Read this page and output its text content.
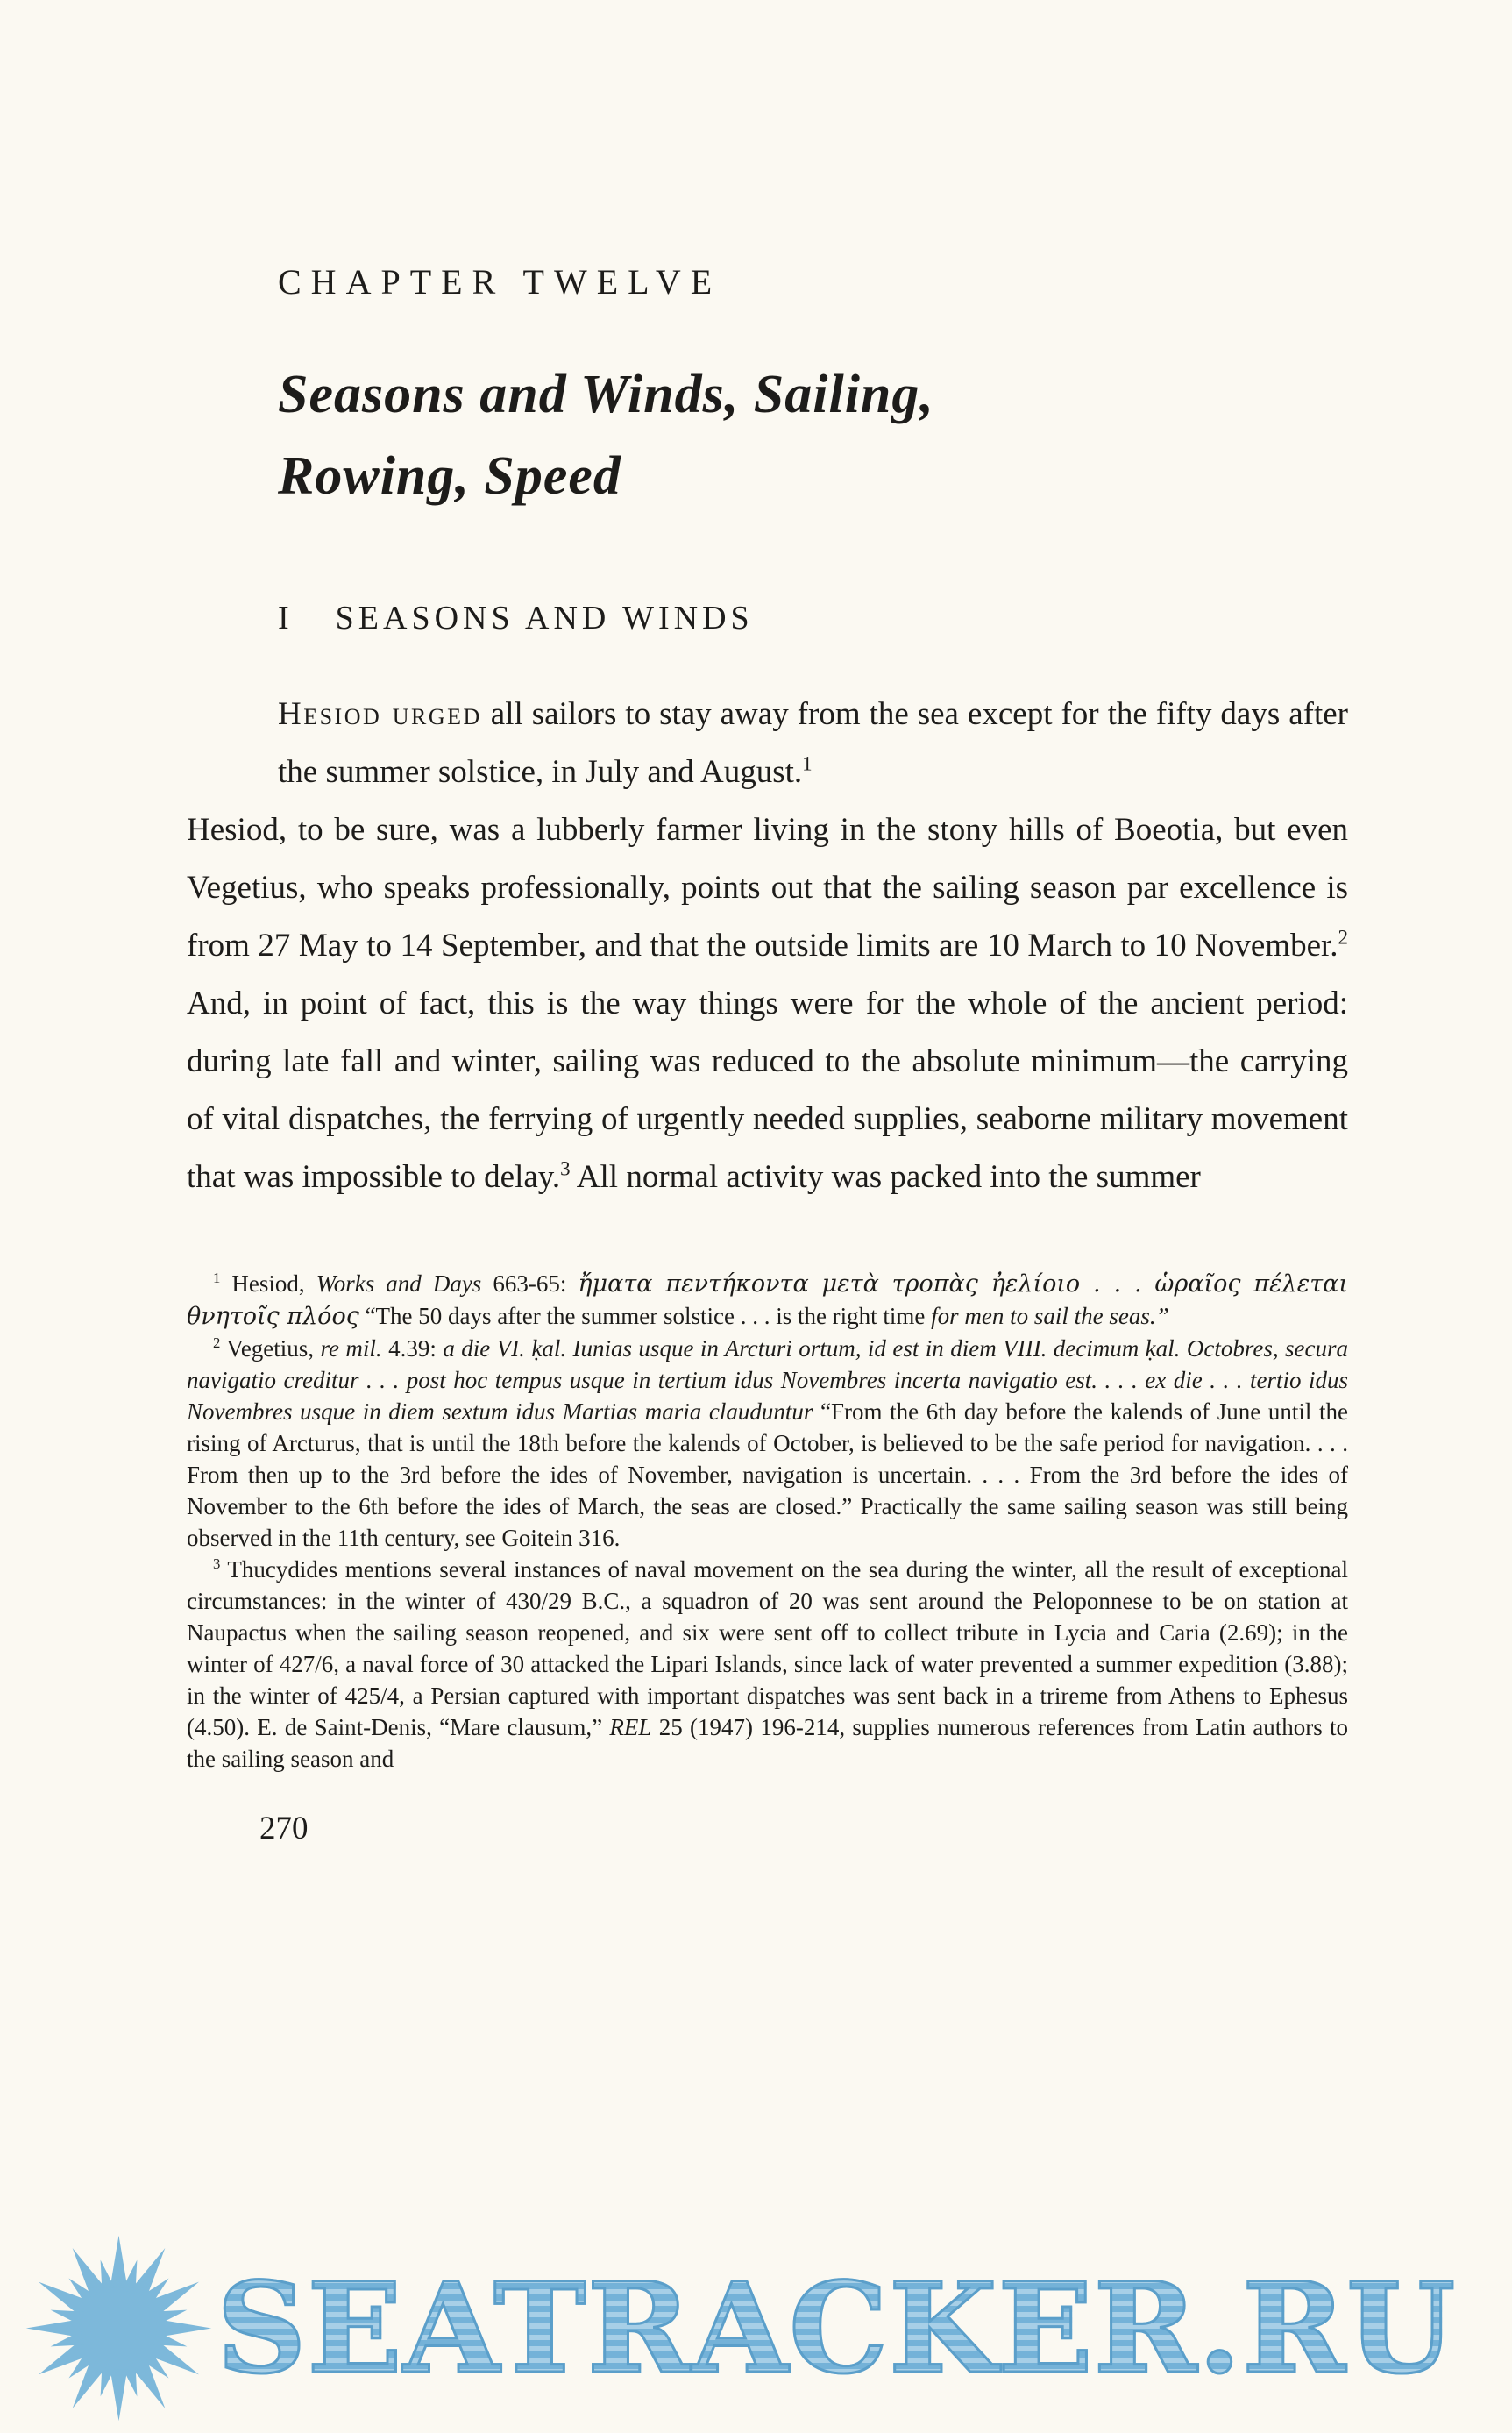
CHAPTER TWELVE
Seasons and Winds, Sailing,
Rowing, Speed
I SEASONS AND WINDS

Hesiod urged all sailors to stay away from the sea except for the fifty days after the summer solstice, in July and August.$^1$

Hesiod, to be sure, was a lubberly farmer living in the stony hills of Boeotia, but even Vegetius, who speaks professionally, points out that the sailing season par excellence is from 27 May to 14 September, and that the outside limits are 10 March to 10 November.$^2$ And, in point of fact, this is the way things were for the whole of the ancient period: during late fall and winter, sailing was reduced to the absolute minimum—the carrying of vital dispatches, the ferrying of urgently needed supplies, seaborne military movement that was impossible to delay.$^3$ All normal activity was packed into the summer

$^1$ Hesiod, Works and Days 663-65: ἤματα πεντήκοντα μετὰ τροπὰς ἠελίοιο . . . ὡραῖος πέλεται θνητοῖς πλόος “The 50 days after the summer solstice . . . is the right time for men to sail the seas.”

$^2$ Vegetius, re mil. 4.39: a die VI. ḳal. Iunias usque in Arcturi ortum, id est in diem VIII. decimum ḳal. Octobres, secura navigatio creditur . . . post hoc tempus usque in tertium idus Novembres incerta navigatio est. . . . ex die . . . tertio idus Novembres usque in diem sextum idus Martias maria clauduntur “From the 6th day before the kalends of June until the rising of Arcturus, that is until the 18th before the kalends of October, is believed to be the safe period for navigation. . . . From then up to the 3rd before the ides of November, navigation is uncertain. . . . From the 3rd before the ides of November to the 6th before the ides of March, the seas are closed.” Practically the same sailing season was still being observed in the 11th century, see Goitein 316.

$^3$ Thucydides mentions several instances of naval movement on the sea during the winter, all the result of exceptional circumstances: in the winter of 430/29 B.C., a squadron of 20 was sent around the Peloponnese to be on station at Naupactus when the sailing season reopened, and six were sent off to collect tribute in Lycia and Caria (2.69); in the winter of 427/6, a naval force of 30 attacked the Lipari Islands, since lack of water prevented a summer expedition (3.88); in the winter of 425/4, a Persian captured with important dispatches was sent back in a trireme from Athens to Ephesus (4.50). E. de Saint-Denis, “Mare clausum,” REL 25 (1947) 196-214, supplies numerous references from Latin authors to the sailing season and

270
SEATRACKER.RU
